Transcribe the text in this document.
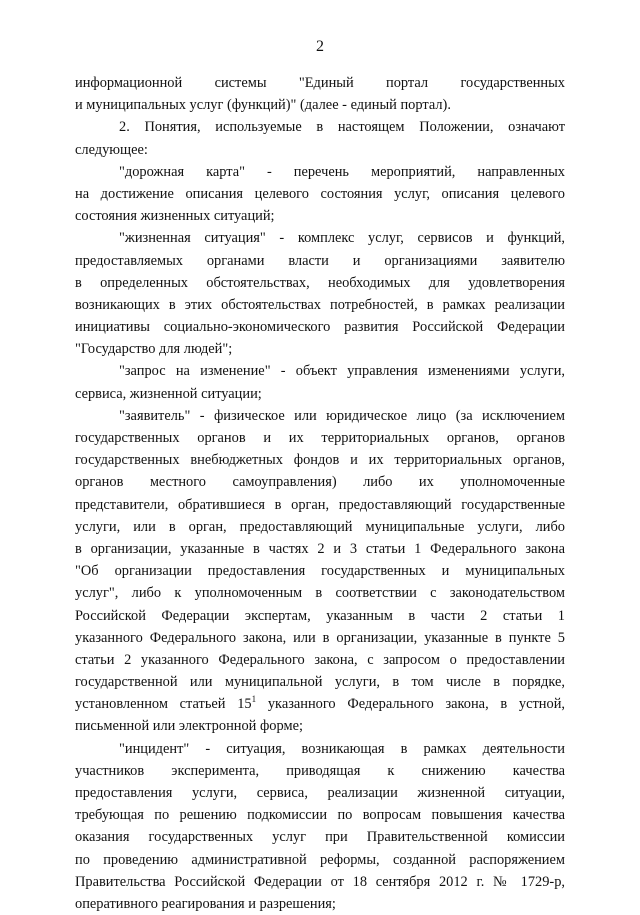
2
информационной системы "Единый портал государственных
и муниципальных услуг (функций)" (далее - единый портал).
2. Понятия, используемые в настоящем Положении, означают
следующее:
"дорожная карта" - перечень мероприятий, направленных
на достижение описания целевого состояния услуг, описания целевого
состояния жизненных ситуаций;
"жизненная ситуация" - комплекс услуг, сервисов и функций,
предоставляемых органами власти и организациями заявителю
в определенных обстоятельствах, необходимых для удовлетворения
возникающих в этих обстоятельствах потребностей, в рамках реализации
инициативы социально-экономического развития Российской Федерации
"Государство для людей";
"запрос на изменение" - объект управления изменениями услуги,
сервиса, жизненной ситуации;
"заявитель" - физическое или юридическое лицо (за исключением
государственных органов и их территориальных органов, органов
государственных внебюджетных фондов и их территориальных органов,
органов местного самоуправления) либо их уполномоченные
представители, обратившиеся в орган, предоставляющий государственные
услуги, или в орган, предоставляющий муниципальные услуги, либо
в организации, указанные в частях 2 и 3 статьи 1 Федерального закона
"Об организации предоставления государственных и муниципальных
услуг", либо к уполномоченным в соответствии с законодательством
Российской Федерации экспертам, указанным в части 2 статьи 1
указанного Федерального закона, или в организации, указанные в пункте 5
статьи 2 указанного Федерального закона, с запросом о предоставлении
государственной или муниципальной услуги, в том числе в порядке,
установленном статьей $15^1$ указанного Федерального закона, в устной,
письменной или электронной форме;
"инцидент" - ситуация, возникающая в рамках деятельности
участников эксперимента, приводящая к снижению качества
предоставления услуги, сервиса, реализации жизненной ситуации,
требующая по решению подкомиссии по вопросам повышения качества
оказания государственных услуг при Правительственной комиссии
по проведению административной реформы, созданной распоряжением
Правительства Российской Федерации от 18 сентября 2012 г. № 1729-р,
оперативного реагирования и разрешения;
